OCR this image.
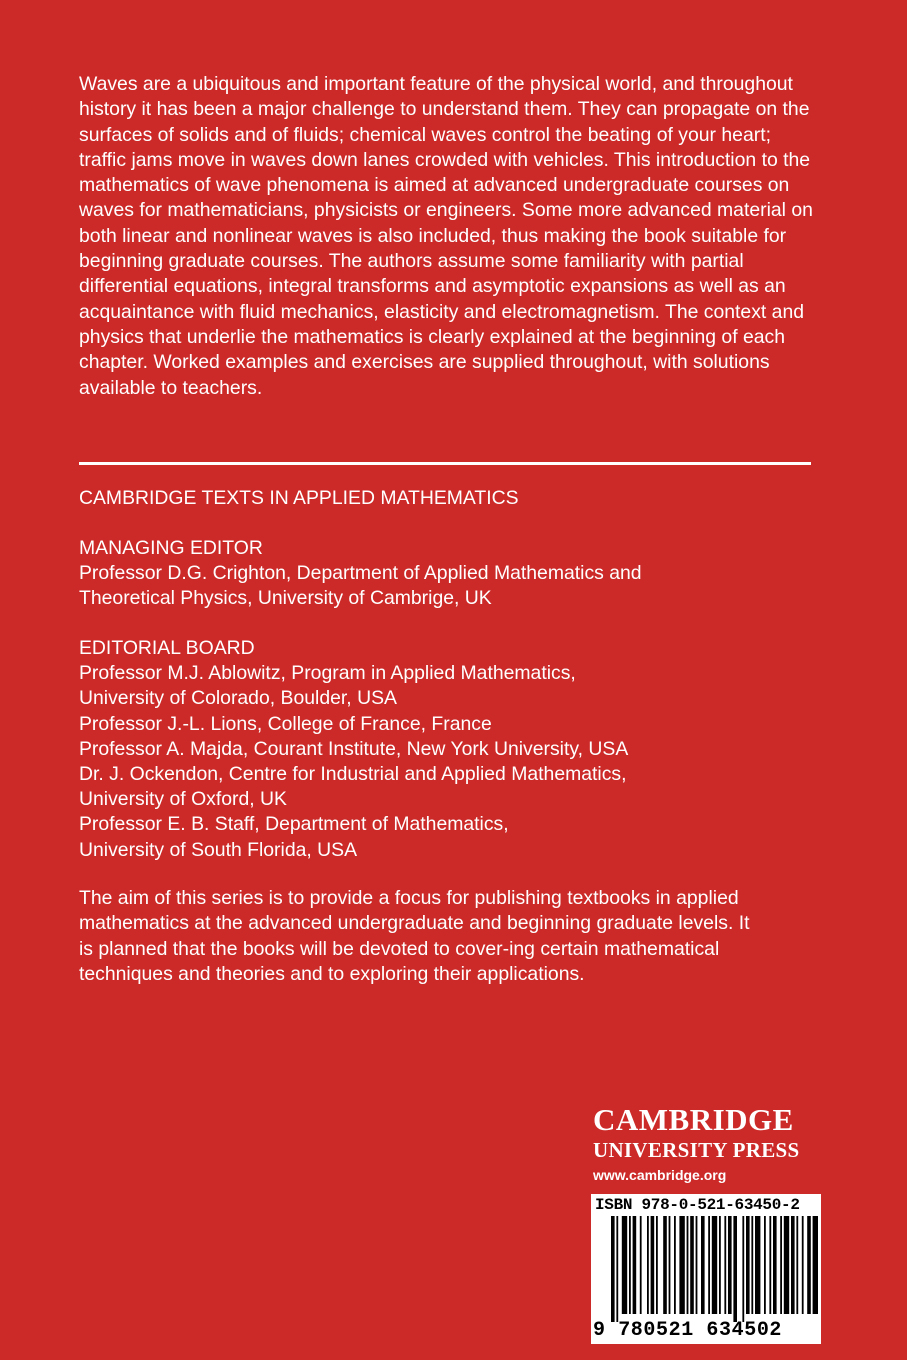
Waves are a ubiquitous and important feature of the physical world, and throughout history it has been a major challenge to understand them. They can propagate on the surfaces of solids and of fluids; chemical waves control the beating of your heart; traffic jams move in waves down lanes crowded with vehicles. This introduction to the mathematics of wave phenomena is aimed at advanced undergraduate courses on waves for mathematicians, physicists or engineers. Some more advanced material on both linear and nonlinear waves is also included, thus making the book suitable for beginning graduate courses. The authors assume some familiarity with partial differential equations, integral transforms and asymptotic expansions as well as an acquaintance with fluid mechanics, elasticity and electromagnetism. The context and physics that underlie the mathematics is clearly explained at the beginning of each chapter. Worked examples and exercises are supplied throughout, with solutions available to teachers.

CAMBRIDGE TEXTS IN APPLIED MATHEMATICS
MANAGING EDITOR
Professor D.G. Crighton, Department of Applied Mathematics and
Theoretical Physics, University of Cambrige, UK
EDITORIAL BOARD
Professor M.J. Ablowitz, Program in Applied Mathematics,
University of Colorado, Boulder, USA
Professor J.-L. Lions, College of France, France
Professor A. Majda, Courant Institute, New York University, USA
Dr. J. Ockendon, Centre for Industrial and Applied Mathematics,
University of Oxford, UK
Professor E. B. Staff, Department of Mathematics,
University of South Florida, USA

The aim of this series is to provide a focus for publishing textbooks in applied mathematics at the advanced undergraduate and beginning graduate levels. It is planned that the books will be devoted to cover-ing certain mathematical techniques and theories and to exploring their applications.

CAMBRIDGE
UNIVERSITY PRESS
www.cambridge.org
ISBN 978-0-521-63450-2
9 780521 634502
